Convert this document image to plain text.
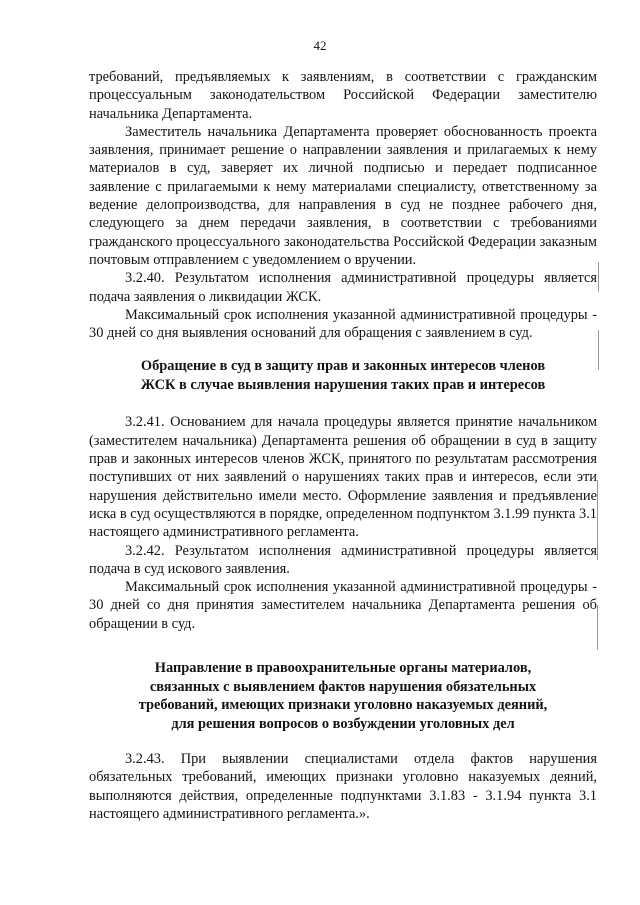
42

требований, предъявляемых к заявлениям, в соответствии с гражданским процессуальным законодательством Российской Федерации заместителю начальника Департамента.

Заместитель начальника Департамента проверяет обоснованность проекта заявления, принимает решение о направлении заявления и прилагаемых к нему материалов в суд, заверяет их личной подписью и передает подписанное заявление с прилагаемыми к нему материалами специалисту, ответственному за ведение делопроизводства, для направления в суд не позднее рабочего дня, следующего за днем передачи заявления, в соответствии с требованиями гражданского процессуального законодательства Российской Федерации заказным почтовым отправлением с уведомлением о вручении.

3.2.40. Результатом исполнения административной процедуры является подача заявления о ликвидации ЖСК.

Максимальный срок исполнения указанной административной процедуры - 30 дней со дня выявления оснований для обращения с заявлением в суд.

Обращение в суд в защиту прав и законных интересов членов
ЖСК в случае выявления нарушения таких прав и интересов

3.2.41. Основанием для начала процедуры является принятие начальником (заместителем начальника) Департамента решения об обращении в суд в защиту прав и законных интересов членов ЖСК, принятого по результатам рассмотрения поступивших от них заявлений о нарушениях таких прав и интересов, если эти нарушения действительно имели место. Оформление заявления и предъявление иска в суд осуществляются в порядке, определенном подпунктом 3.1.99 пункта 3.1 настоящего административного регламента.

3.2.42. Результатом исполнения административной процедуры является подача в суд искового заявления.

Максимальный срок исполнения указанной административной процедуры - 30 дней со дня принятия заместителем начальника Департамента решения об обращении в суд.

Направление в правоохранительные органы материалов,
связанных с выявлением фактов нарушения обязательных
требований, имеющих признаки уголовно наказуемых деяний,
для решения вопросов о возбуждении уголовных дел

3.2.43. При выявлении специалистами отдела фактов нарушения обязательных требований, имеющих признаки уголовно наказуемых деяний, выполняются действия, определенные подпунктами 3.1.83 - 3.1.94 пункта 3.1 настоящего административного регламента.».
